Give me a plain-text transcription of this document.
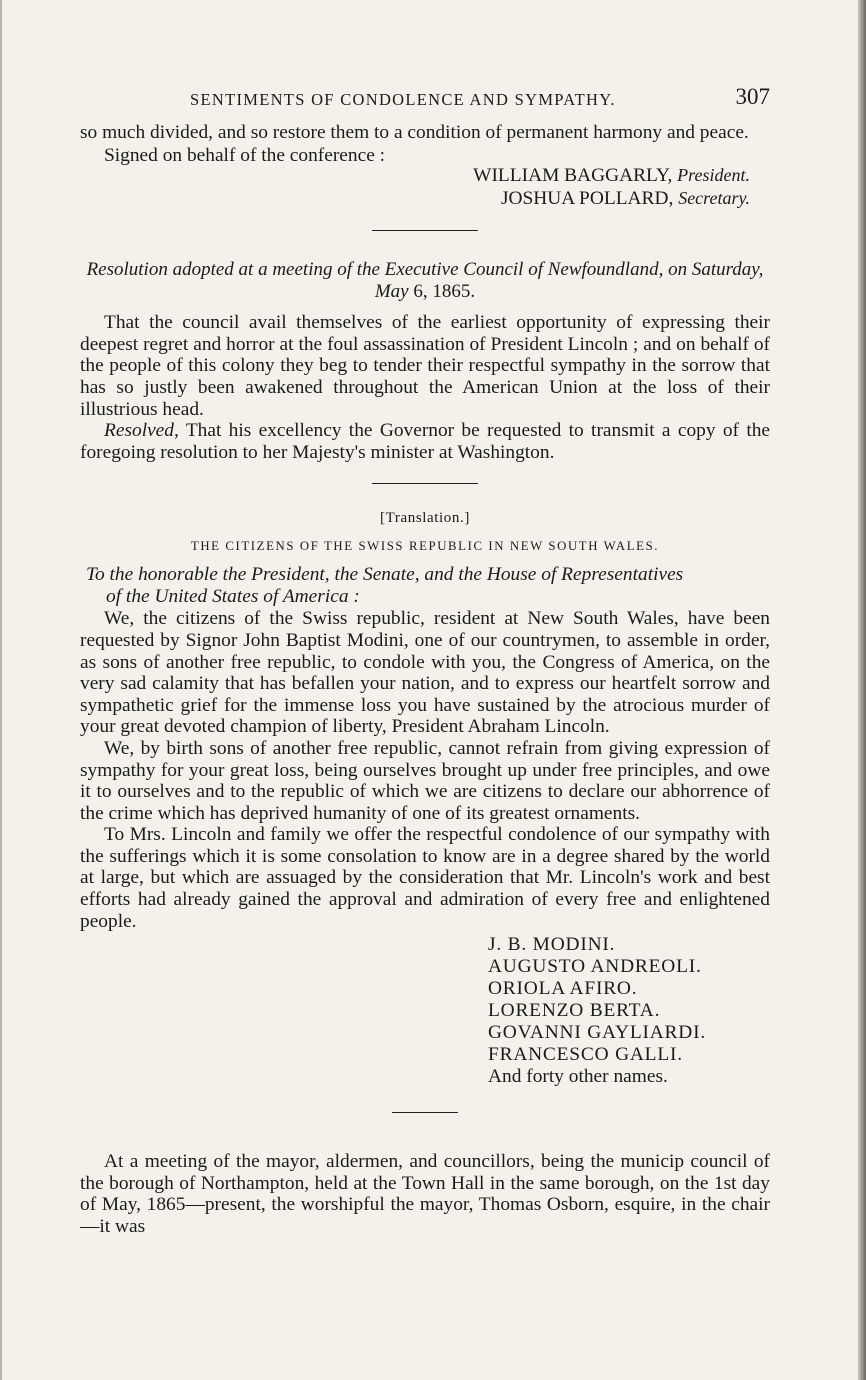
SENTIMENTS OF CONDOLENCE AND SYMPATHY.	307

so much divided, and so restore them to a condition of permanent harmony and peace.

Signed on behalf of the conference :

WILLIAM BAGGARLY, President.
JOSHUA POLLARD, Secretary.

Resolution adopted at a meeting of the Executive Council of Newfoundland, on Saturday, May 6, 1865.

That the council avail themselves of the earliest opportunity of expressing their deepest regret and horror at the foul assassination of President Lincoln ; and on behalf of the people of this colony they beg to tender their respectful sympathy in the sorrow that has so justly been awakened throughout the American Union at the loss of their illustrious head.

Resolved, That his excellency the Governor be requested to transmit a copy of the foregoing resolution to her Majesty's minister at Washington.

[Translation.]

THE CITIZENS OF THE SWISS REPUBLIC IN NEW SOUTH WALES.

To the honorable the President, the Senate, and the House of Representatives
of the United States of America :

We, the citizens of the Swiss republic, resident at New South Wales, have been requested by Signor John Baptist Modini, one of our countrymen, to assemble in order, as sons of another free republic, to condole with you, the Congress of America, on the very sad calamity that has befallen your nation, and to express our heartfelt sorrow and sympathetic grief for the immense loss you have sustained by the atrocious murder of your great devoted champion of liberty, President Abraham Lincoln.

We, by birth sons of another free republic, cannot refrain from giving expression of sympathy for your great loss, being ourselves brought up under free principles, and owe it to ourselves and to the republic of which we are citizens to declare our abhorrence of the crime which has deprived humanity of one of its greatest ornaments.

To Mrs. Lincoln and family we offer the respectful condolence of our sympathy with the sufferings which it is some consolation to know are in a degree shared by the world at large, but which are assuaged by the consideration that Mr. Lincoln's work and best efforts had already gained the approval and admiration of every free and enlightened people.

J. B. MODINI.
AUGUSTO ANDREOLI.
ORIOLA AFIRO.
LORENZO BERTA.
GOVANNI GAYLIARDI.
FRANCESCO GALLI.
And forty other names.

At a meeting of the mayor, aldermen, and councillors, being the municip council of the borough of Northampton, held at the Town Hall in the same borough, on the 1st day of May, 1865—present, the worshipful the mayor, Thomas Osborn, esquire, in the chair—it was
